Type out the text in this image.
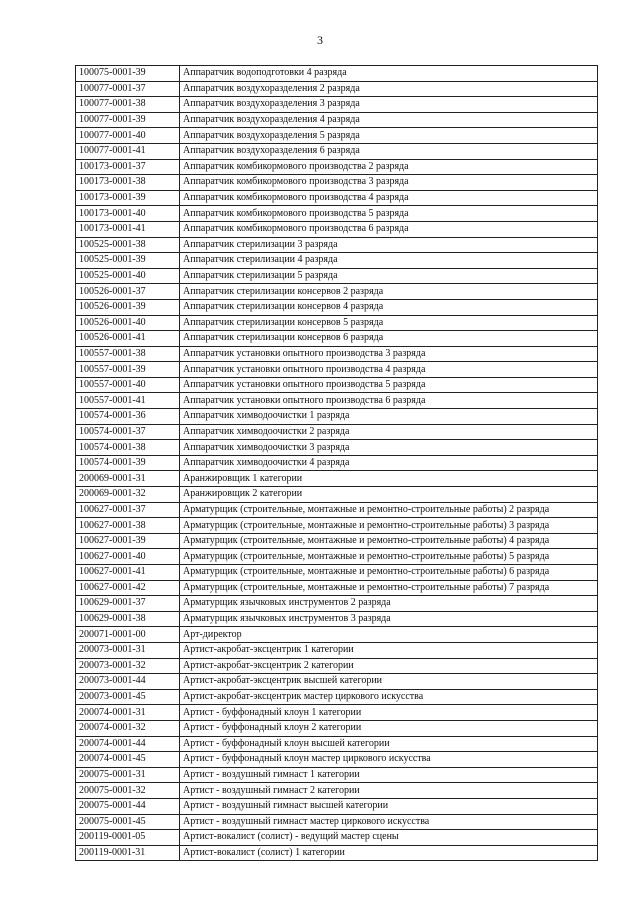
3
100075-0001-39	Аппаратчик водоподготовки 4 разряда
100077-0001-37	Аппаратчик воздухоразделения 2 разряда
100077-0001-38	Аппаратчик воздухоразделения 3 разряда
100077-0001-39	Аппаратчик воздухоразделения 4 разряда
100077-0001-40	Аппаратчик воздухоразделения 5 разряда
100077-0001-41	Аппаратчик воздухоразделения 6 разряда
100173-0001-37	Аппаратчик комбикормового производства 2 разряда
100173-0001-38	Аппаратчик комбикормового производства 3 разряда
100173-0001-39	Аппаратчик комбикормового производства 4 разряда
100173-0001-40	Аппаратчик комбикормового производства 5 разряда
100173-0001-41	Аппаратчик комбикормового производства 6 разряда
100525-0001-38	Аппаратчик стерилизации 3 разряда
100525-0001-39	Аппаратчик стерилизации 4 разряда
100525-0001-40	Аппаратчик стерилизации 5 разряда
100526-0001-37	Аппаратчик стерилизации консервов 2 разряда
100526-0001-39	Аппаратчик стерилизации консервов 4 разряда
100526-0001-40	Аппаратчик стерилизации консервов 5 разряда
100526-0001-41	Аппаратчик стерилизации консервов 6 разряда
100557-0001-38	Аппаратчик установки опытного производства 3 разряда
100557-0001-39	Аппаратчик установки опытного производства 4 разряда
100557-0001-40	Аппаратчик установки опытного производства 5 разряда
100557-0001-41	Аппаратчик установки опытного производства 6 разряда
100574-0001-36	Аппаратчик химводоочистки 1 разряда
100574-0001-37	Аппаратчик химводоочистки 2 разряда
100574-0001-38	Аппаратчик химводоочистки 3 разряда
100574-0001-39	Аппаратчик химводоочистки 4 разряда
200069-0001-31	Аранжировщик 1 категории
200069-0001-32	Аранжировщик 2 категории
100627-0001-37	Арматурщик (строительные, монтажные и ремонтно-строительные работы) 2 разряда
100627-0001-38	Арматурщик (строительные, монтажные и ремонтно-строительные работы) 3 разряда
100627-0001-39	Арматурщик (строительные, монтажные и ремонтно-строительные работы) 4 разряда
100627-0001-40	Арматурщик (строительные, монтажные и ремонтно-строительные работы) 5 разряда
100627-0001-41	Арматурщик (строительные, монтажные и ремонтно-строительные работы) 6 разряда
100627-0001-42	Арматурщик (строительные, монтажные и ремонтно-строительные работы) 7 разряда
100629-0001-37	Арматурщик язычковых инструментов 2 разряда
100629-0001-38	Арматурщик язычковых инструментов 3 разряда
200071-0001-00	Арт-директор
200073-0001-31	Артист-акробат-эксцентрик 1 категории
200073-0001-32	Артист-акробат-эксцентрик 2 категории
200073-0001-44	Артист-акробат-эксцентрик высшей категории
200073-0001-45	Артист-акробат-эксцентрик мастер циркового искусства
200074-0001-31	Артист - буффонадный клоун 1 категории
200074-0001-32	Артист - буффонадный клоун 2 категории
200074-0001-44	Артист - буффонадный клоун высшей категории
200074-0001-45	Артист - буффонадный клоун мастер циркового искусства
200075-0001-31	Артист - воздушный гимнаст 1 категории
200075-0001-32	Артист - воздушный гимнаст 2 категории
200075-0001-44	Артист - воздушный гимнаст высшей категории
200075-0001-45	Артист - воздушный гимнаст мастер циркового искусства
200119-0001-05	Артист-вокалист (солист) - ведущий мастер сцены
200119-0001-31	Артист-вокалист (солист) 1 категории
